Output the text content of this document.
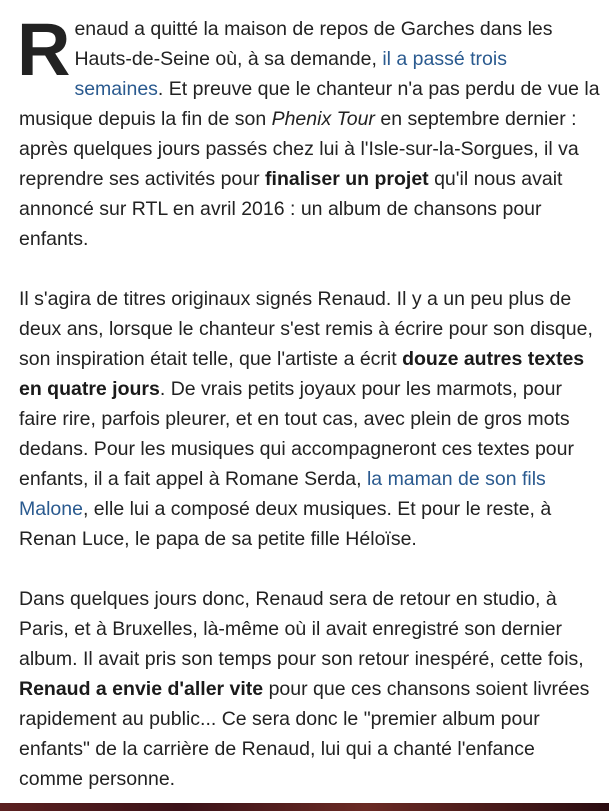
Renaud a quitté la maison de repos de Garches dans les Hauts-de-Seine où, à sa demande, il a passé trois semaines. Et preuve que le chanteur n'a pas perdu de vue la musique depuis la fin de son Phenix Tour en septembre dernier : après quelques jours passés chez lui à l'Isle-sur-la-Sorgues, il va reprendre ses activités pour finaliser un projet qu'il nous avait annoncé sur RTL en avril 2016 : un album de chansons pour enfants.

Il s'agira de titres originaux signés Renaud. Il y a un peu plus de deux ans, lorsque le chanteur s'est remis à écrire pour son disque, son inspiration était telle, que l'artiste a écrit douze autres textes en quatre jours. De vrais petits joyaux pour les marmots, pour faire rire, parfois pleurer, et en tout cas, avec plein de gros mots dedans. Pour les musiques qui accompagneront ces textes pour enfants, il a fait appel à Romane Serda, la maman de son fils Malone, elle lui a composé deux musiques. Et pour le reste, à Renan Luce, le papa de sa petite fille Héloïse.

Dans quelques jours donc, Renaud sera de retour en studio, à Paris, et à Bruxelles, là-même où il avait enregistré son dernier album. Il avait pris son temps pour son retour inespéré, cette fois, Renaud a envie d'aller vite pour que ces chansons soient livrées rapidement au public... Ce sera donc le "premier album pour enfants" de la carrière de Renaud, lui qui a chanté l'enfance comme personne.
